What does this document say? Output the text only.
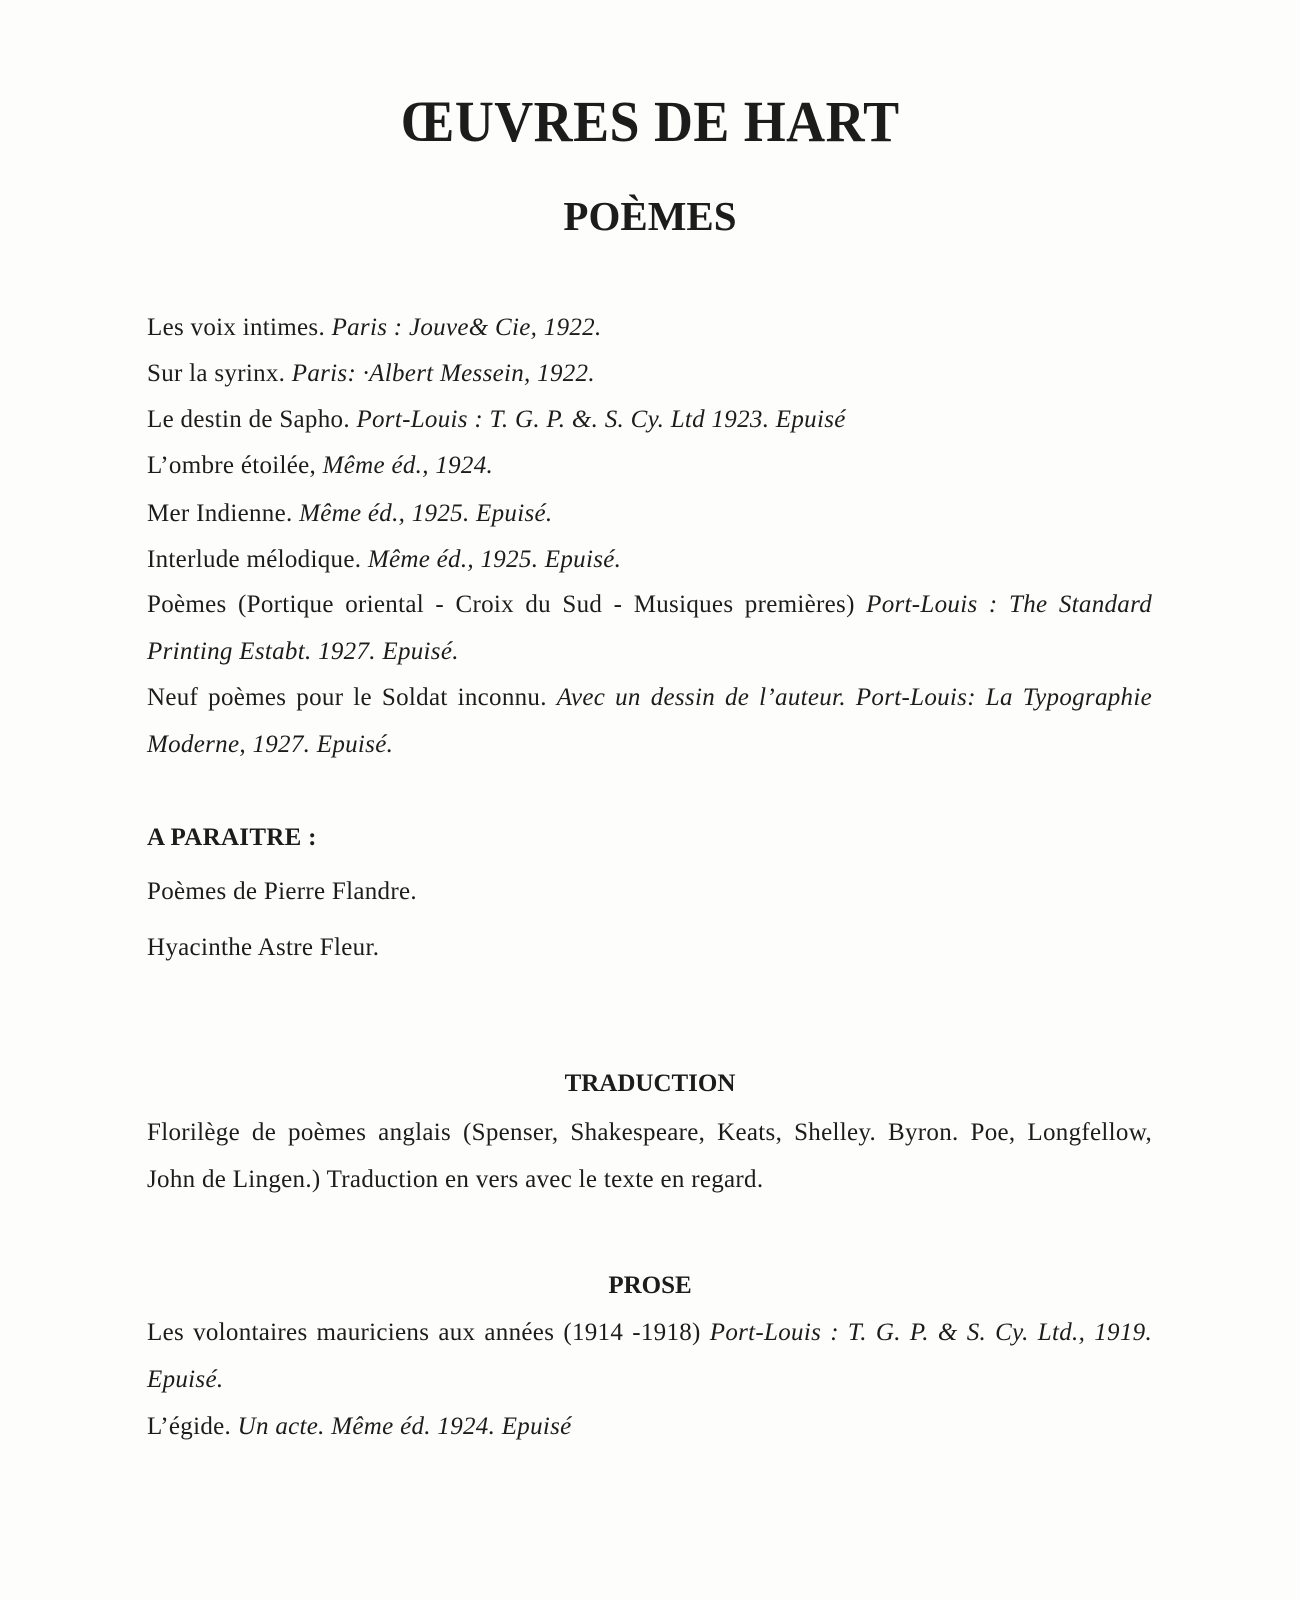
ŒUVRES DE HART
POÈMES
Les voix intimes. Paris : Jouve& Cie, 1922.
Sur la syrinx. Paris: ·Albert Messein, 1922.
Le destin de Sapho. Port-Louis : T. G. P. &. S. Cy. Ltd 1923. Epuisé
L’ombre étoilée, Même éd., 1924.
Mer Indienne. Même éd., 1925. Epuisé.
Interlude mélodique. Même éd., 1925. Epuisé.
Poèmes (Portique oriental - Croix du Sud - Musiques premières) Port-Louis : The Standard Printing Estabt. 1927. Epuisé.
Neuf poèmes pour le Soldat inconnu. Avec un dessin de l’auteur. Port-Louis: La Typographie Moderne, 1927. Epuisé.
A PARAITRE :
Poèmes de Pierre Flandre.
Hyacinthe Astre Fleur.
TRADUCTION
Florilège de poèmes anglais (Spenser, Shakespeare, Keats, Shelley. Byron. Poe, Longfellow, John de Lingen.) Traduction en vers avec le texte en regard.
PROSE
Les volontaires mauriciens aux années (1914 -1918) Port-Louis : T. G. P. & S. Cy. Ltd., 1919. Epuisé.
L’égide. Un acte. Même éd. 1924. Epuisé
